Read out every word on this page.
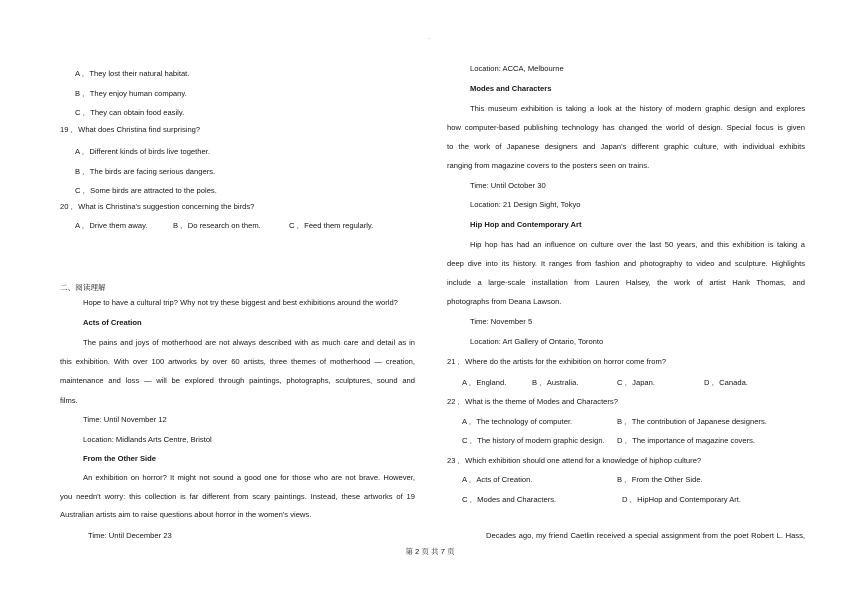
·
A ．They lost their natural habitat.
B ．They enjoy human company.
C ．They can obtain food easily.
19 ．What does Christina find surprising?
A ．Different kinds of birds live together.
B ．The birds are facing serious dangers.
C ．Some birds are attracted to the poles.
20 ．What is Christina's suggestion concerning the birds?
A ．Drive them away.	B ．Do research on them.	C ．Feed them regularly.
二、阅读理解
Hope to have a cultural trip? Why not try these biggest and best exhibitions around the world?
Acts of Creation
The pains and joys of motherhood are not always described with as much care and detail as in
this exhibition. With over 100 artworks by over 60 artists, three themes of motherhood — creation,
maintenance and loss — will be explored through paintings, photographs, sculptures, sound and
films.
Time: Until November 12
Location: Midlands Arts Centre, Bristol
From the Other Side
An exhibition on horror? It might not sound a good one for those who are not brave. However,
you needn't worry: this collection is far different from scary paintings. Instead, these artworks of 19
Australian artists aim to raise questions about horror in the women's views.
Time: Until December 23
Location: ACCA, Melbourne
Modes and Characters
This museum exhibition is taking a look at the history of modern graphic design and explores
how computer-based publishing technology has changed the world of design. Special focus is given
to the work of Japanese designers and Japan's different graphic culture, with individual exhibits
ranging from magazine covers to the posters seen on trains.
Time: Until October 30
Location: 21 Design Sight, Tokyo
Hip Hop and Contemporary Art
Hip hop has had an influence on culture over the last 50 years, and this exhibition is taking a
deep dive into its history. It ranges from fashion and photography to video and sculpture. Highlights
include a large-scale installation from Lauren Halsey, the work of artist Hank Thomas, and
photographs from Deana Lawson.
Time: November 5
Location: Art Gallery of Ontario, Toronto
21 ．Where do the artists for the exhibition on horror come from?
A ．England.	B ．Australia.	C ．Japan.	D ．Canada.
22 ．What is the theme of Modes and Characters?
A ．The technology of computer.	B ．The contribution of Japanese designers.
C ．The history of modern graphic design. D ．The importance of magazine covers.
23 ．Which exhibition should one attend for a knowledge of hiphop culture?
A ．Acts of Creation.	B ．From the Other Side.
C ．Modes and Characters.	D ．HipHop and Contemporary Art.
Decades ago, my friend Caetlin received a special assignment from the poet Robert L. Hass,
第 2 页 共 7 页
